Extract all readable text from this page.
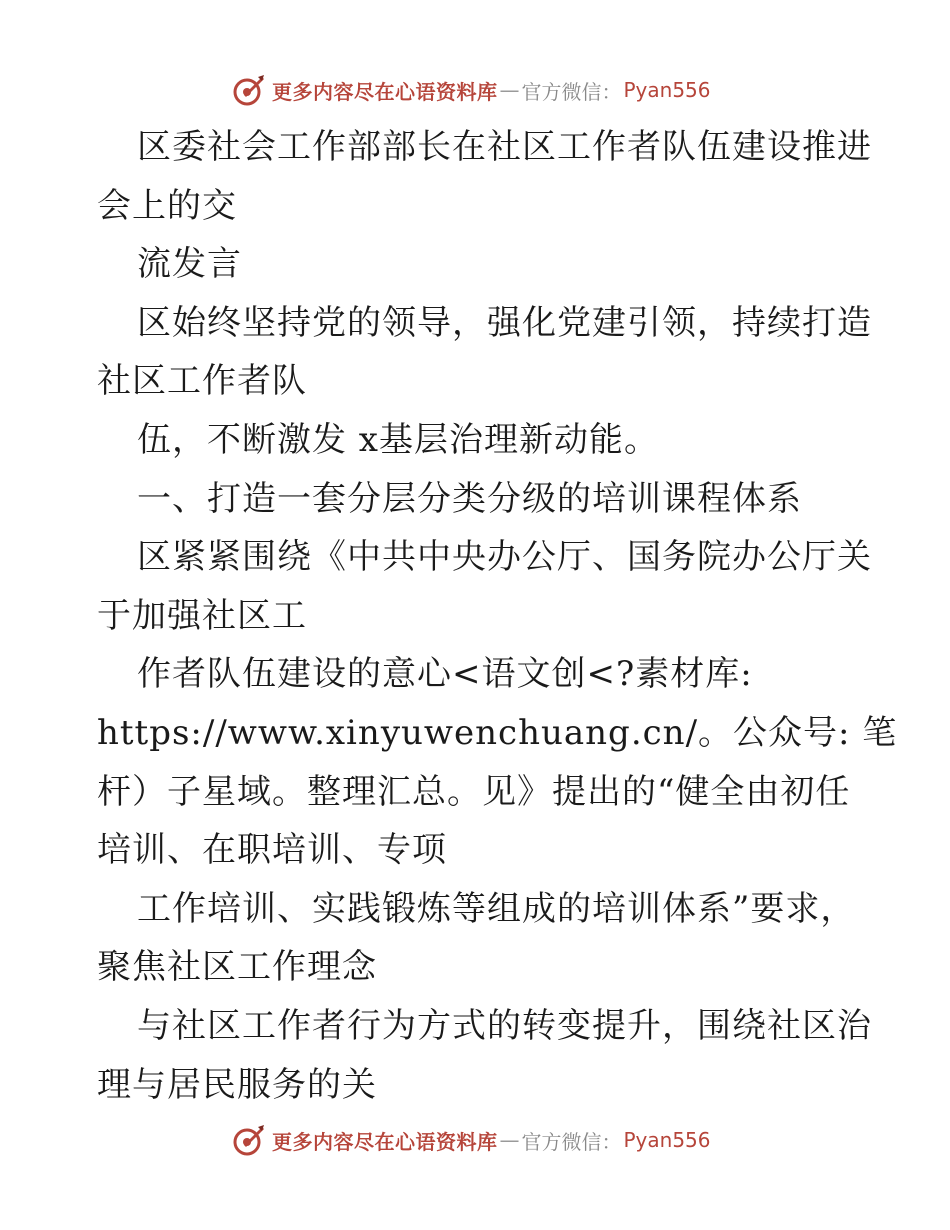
更多内容尽在心语资料库 — 官方微信： Pyan556
区委社会工作部部长在社区工作者队伍建设推进
会上的交
流发言
区始终坚持党的领导，强化党建引领，持续打造
社区工作者队
伍，不断激发 x基层治理新动能。
一、打造一套分层分类分级的培训课程体系
区紧紧围绕《中共中央办公厅、国务院办公厅关
于加强社区工
作者队伍建设的意心<语文创<?素材库:
https://www.xinyuwenchuang.cn/。公众号: 笔
杆）子星域。整理汇总。见》提出的“健全由初任
培训、在职培训、专项
工作培训、实践锻炼等组成的培训体系”要求，
聚焦社区工作理念
与社区工作者行为方式的转变提升，围绕社区治
理与居民服务的关
更多内容尽在心语资料库 — 官方微信： Pyan556
